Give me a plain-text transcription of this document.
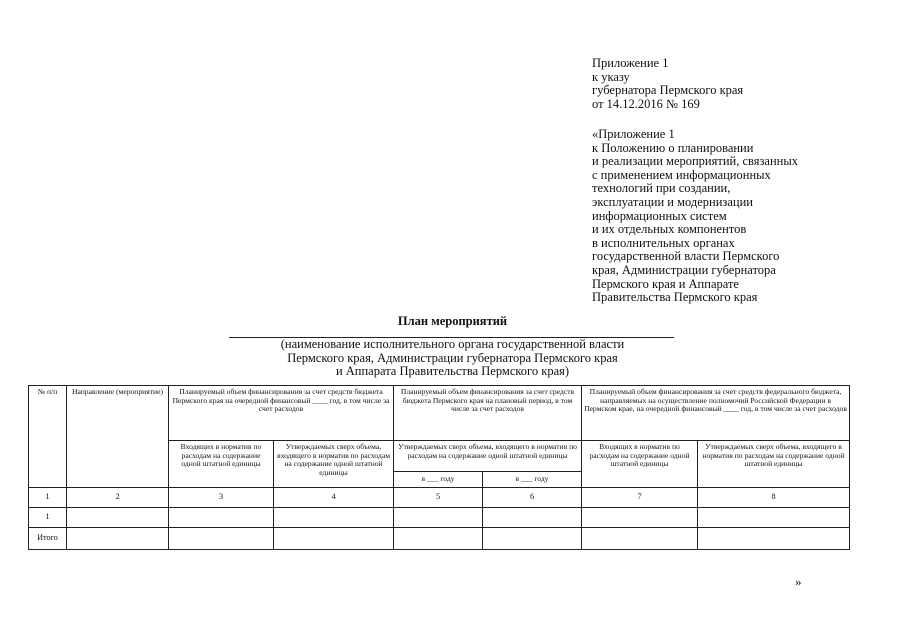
Приложение 1
к указу
губернатора Пермского края
от 14.12.2016 № 169
«Приложение 1
к Положению о планировании
и реализации мероприятий, связанных
с применением информационных
технологий при создании,
эксплуатации и модернизации
информационных систем
и их отдельных компонентов
в исполнительных органах
государственной власти Пермского
края, Администрации губернатора
Пермского края и Аппарате
Правительства Пермского края
План мероприятий
(наименование исполнительного органа государственной власти
Пермского края, Администрации губернатора Пермского края
и Аппарата Правительства Пермского края)
№ п/п	Направление (мероприятие)	Планируемый объем финансирования за счет средств бюджета Пермского края на очередной финансовый ____ год, в том числе за счет расходов		Планируемый объем финансирования за счет средств бюджета Пермского края на плановый период, в том числе за счет расходов		Планируемый объем финансирования за счет средств федерального бюджета, направляемых на осуществление полномочий Российской Федерации в Пермском крае, на очередной финансовый ____ год, в том числе за счет расходов	
		Входящих в норматив по расходам на содержание одной штатной единицы	Утверждаемых сверх объема, входящего в норматив по расходам на содержание одной штатной единицы	Утверждаемых сверх объема, входящего в норматив по расходам на содержание одной штатной единицы		Входящих в норматив по расходам на содержание одной штатной единицы	Утверждаемых сверх объема, входящего в норматив по расходам на содержание одной штатной единицы
				в ___ году	в ___ году		
1	2	3	4	5	6	7	8
1							
Итого							
»
